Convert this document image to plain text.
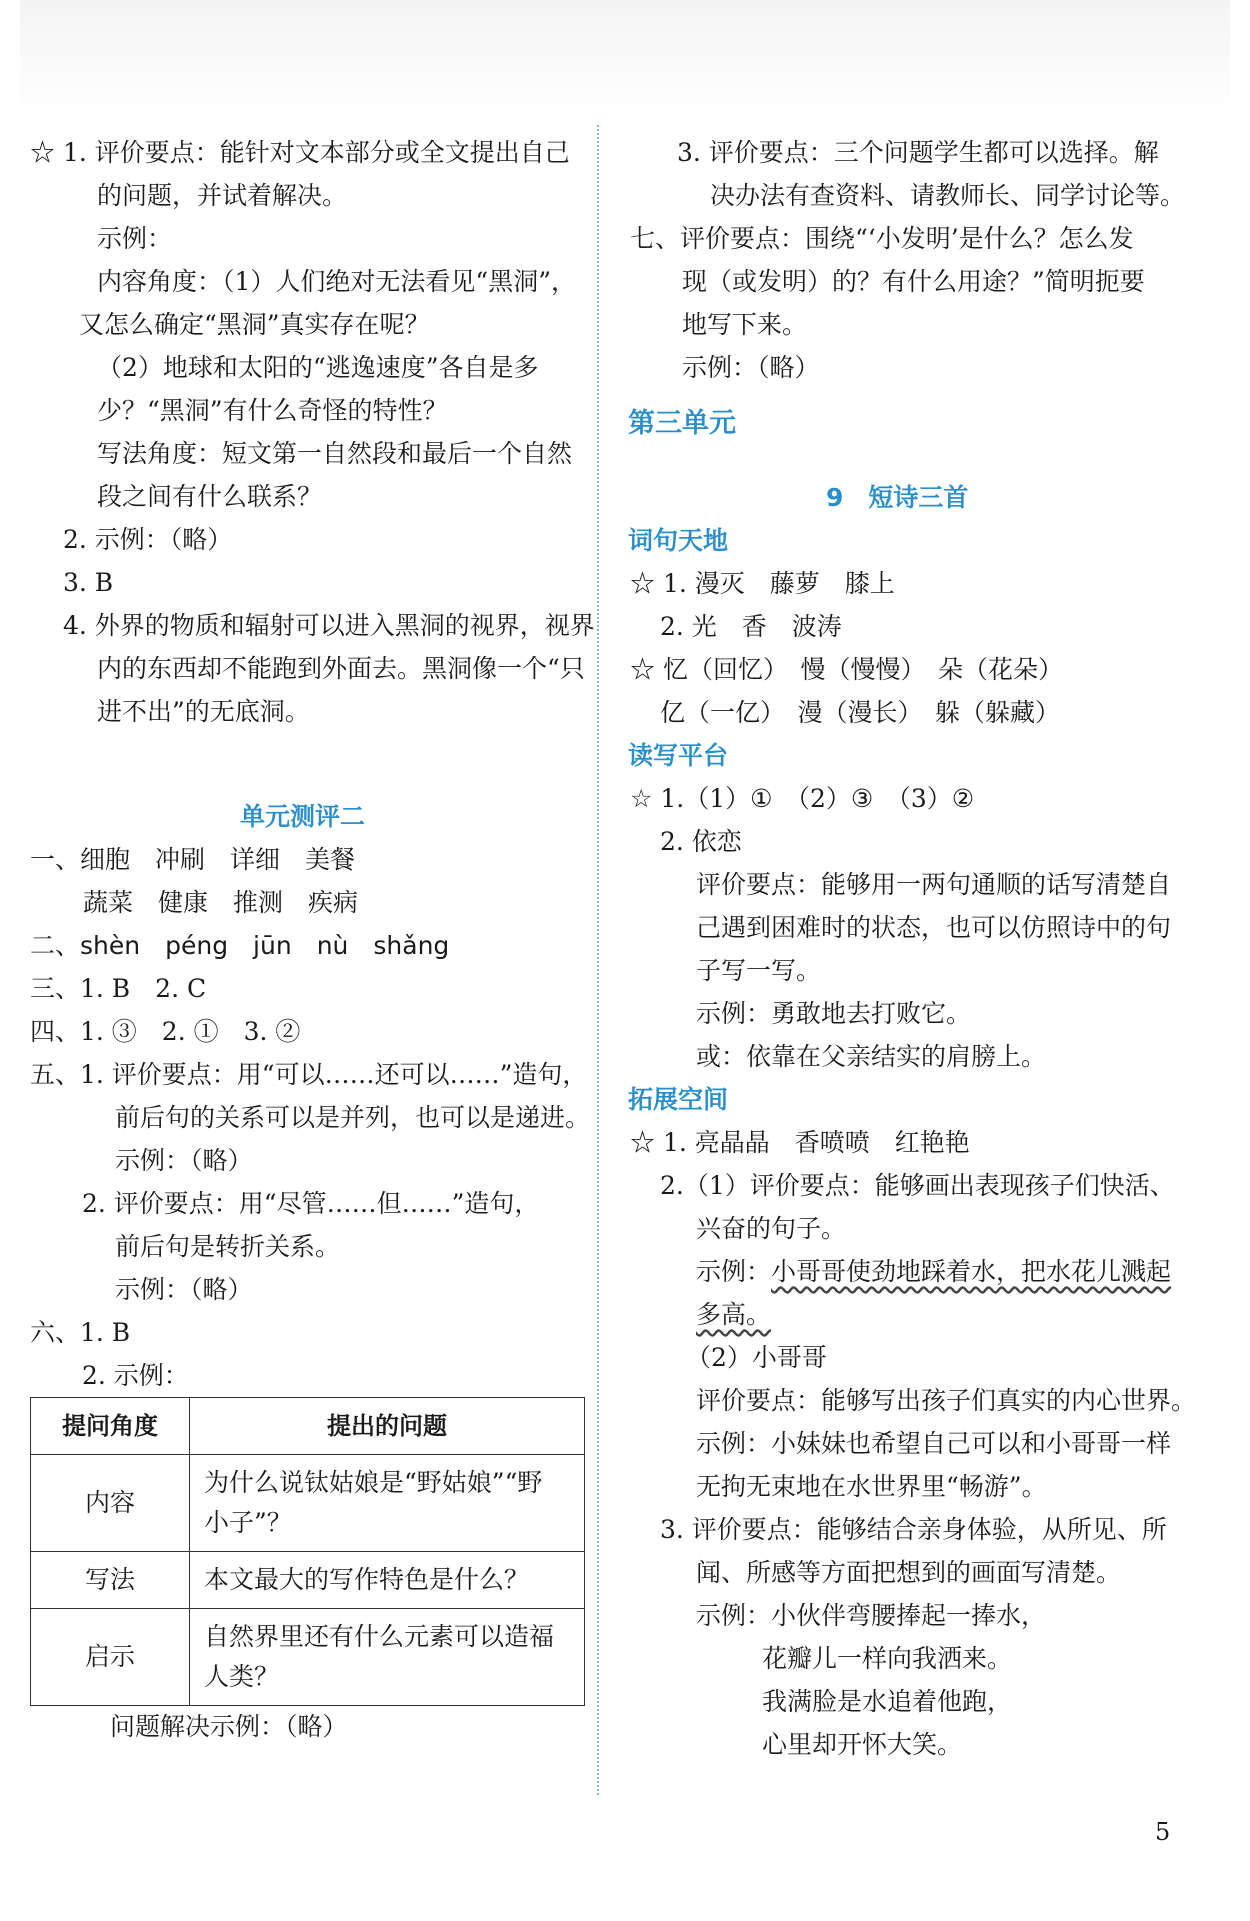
☆ 1. 评价要点：能针对文本部分或全文提出自己
的问题，并试着解决。
示例：
内容角度：（1）人们绝对无法看见“黑洞”，
又怎么确定“黑洞”真实存在呢？
（2）地球和太阳的“逃逸速度”各自是多
少？“黑洞”有什么奇怪的特性？
写法角度：短文第一自然段和最后一个自然
段之间有什么联系？
2. 示例：（略）
3. B
4. 外界的物质和辐射可以进入黑洞的视界，视界
内的东西却不能跑到外面去。黑洞像一个“只
进不出”的无底洞。
单元测评二
一、细胞　冲刷　详细　美餐
蔬菜　健康　推测　疾病
二、shèn　péng　jūn　nù　shǎng
三、1. B　2. C
四、1. ③　2. ①　3. ②
五、1. 评价要点：用“可以……还可以……”造句，
前后句的关系可以是并列，也可以是递进。
示例：（略）
2. 评价要点：用“尽管……但……”造句，
前后句是转折关系。
示例：（略）
六、1. B
2. 示例：
提问角度	提出的问题
内容	为什么说钛姑娘是“野姑娘”“野
小子”？
写法	本文最大的写作特色是什么？
启示	自然界里还有什么元素可以造福
人类？
问题解决示例：（略）
3. 评价要点：三个问题学生都可以选择。解
决办法有查资料、请教师长、同学讨论等。
七、评价要点：围绕“‘小发明’是什么？怎么发
现（或发明）的？有什么用途？”简明扼要
地写下来。
示例：（略）
第三单元
9　短诗三首
词句天地
☆ 1. 漫灭　藤萝　膝上
2. 光　香　波涛
☆ 忆（回忆）　慢（慢慢）　朵（花朵）
亿（一亿）　漫（漫长）　躲（躲藏）
读写平台
☆ 1.（1）①　（2）③　（3）②
2. 依恋
评价要点：能够用一两句通顺的话写清楚自
己遇到困难时的状态，也可以仿照诗中的句
子写一写。
示例：勇敢地去打败它。
或：依靠在父亲结实的肩膀上。
拓展空间
☆ 1. 亮晶晶　香喷喷　红艳艳
2.（1）评价要点：能够画出表现孩子们快活、
兴奋的句子。
示例：小哥哥使劲地踩着水，把水花儿溅起
多高。
（2）小哥哥
评价要点：能够写出孩子们真实的内心世界。
示例：小妹妹也希望自己可以和小哥哥一样
无拘无束地在水世界里“畅游”。
3. 评价要点：能够结合亲身体验，从所见、所
闻、所感等方面把想到的画面写清楚。
示例：小伙伴弯腰捧起一捧水，
花瓣儿一样向我洒来。
我满脸是水追着他跑，
心里却开怀大笑。
5
